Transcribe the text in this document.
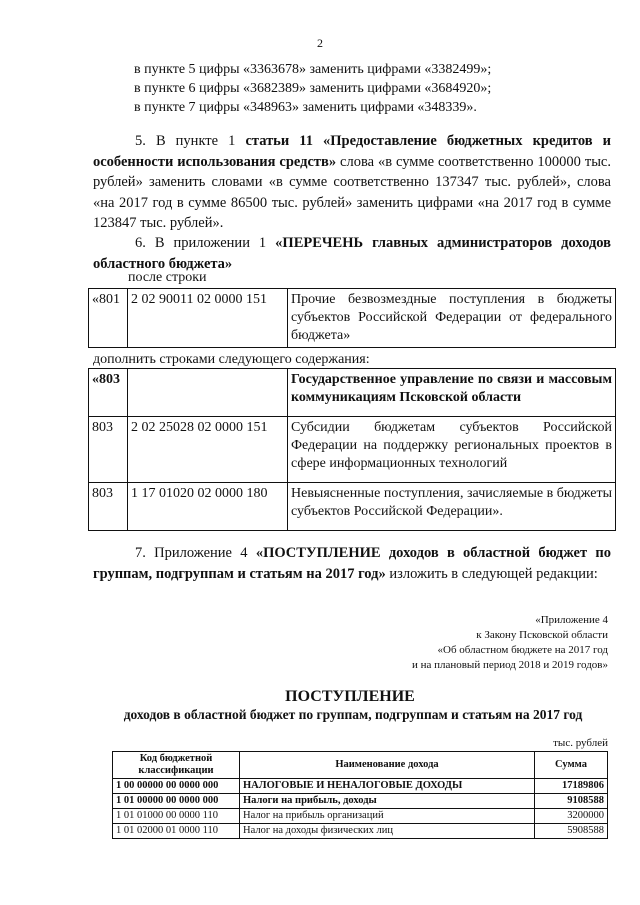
2
в пункте 5 цифры «3363678» заменить цифрами «3382499»;
в пункте 6 цифры «3682389» заменить цифрами «3684920»;
в пункте 7 цифры «348963» заменить цифрами «348339».
5. В пункте 1 статьи 11 «Предоставление бюджетных кредитов и особенности использования средств» слова «в сумме соответственно 100000 тыс. рублей» заменить словами «в сумме соответственно 137347 тыс. рублей», слова «на 2017 год в сумме 86500 тыс. рублей» заменить цифрами «на 2017 год в сумме 123847 тыс. рублей».
6. В приложении 1 «ПЕРЕЧЕНЬ главных администраторов доходов областного бюджета»
после строки
«801	2 02 90011 02 0000 151	Прочие безвозмездные поступления в бюджеты субъектов Российской Федерации от федерального бюджета»
дополнить строками следующего содержания:
«803		Государственное управление по связи и массовым коммуникациям Псковской области
803	2 02 25028 02 0000 151	Субсидии бюджетам субъектов Российской Федерации на поддержку региональных проектов в сфере информационных технологий
803	1 17 01020 02 0000 180	Невыясненные поступления, зачисляемые в бюджеты субъектов Российской Федерации».
7. Приложение 4 «ПОСТУПЛЕНИЕ доходов в областной бюджет по группам, подгруппам и статьям на 2017 год» изложить в следующей редакции:
«Приложение 4
к Закону Псковской области
«Об областном бюджете на 2017 год
и на плановый период 2018 и 2019 годов»
ПОСТУПЛЕНИЕ
доходов в областной бюджет по группам, подгруппам и статьям на 2017 год
тыс. рублей
Код бюджетной классификации	Наименование дохода	Сумма
1 00 00000 00 0000 000	НАЛОГОВЫЕ И НЕНАЛОГОВЫЕ ДОХОДЫ	17189806
1 01 00000 00 0000 000	Налоги на прибыль, доходы	9108588
1 01 01000 00 0000 110	Налог на прибыль организаций	3200000
1 01 02000 01 0000 110	Налог на доходы физических лиц	5908588
